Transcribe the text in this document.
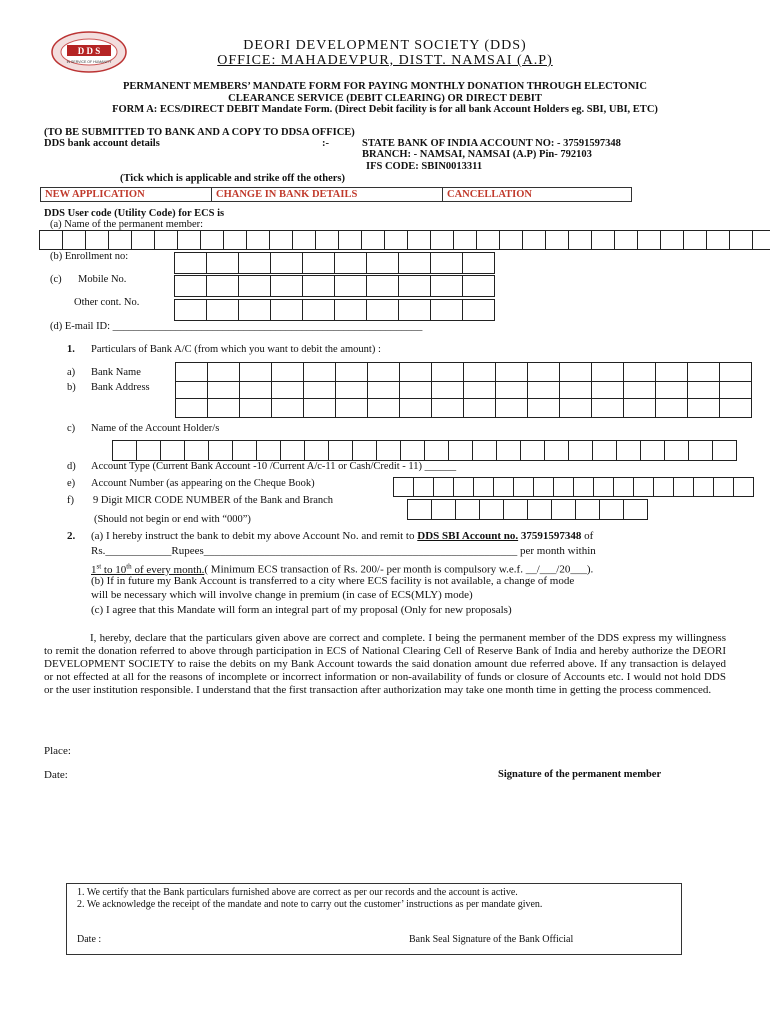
D D S
IN SERVICE OF HUMANITY
DEORI DEVELOPMENT SOCIETY (DDS)
OFFICE: MAHADEVPUR, DISTT. NAMSAI (A.P)
PERMANENT MEMBERS’ MANDATE FORM FOR PAYING MONTHLY DONATION THROUGH ELECTONIC
CLEARANCE SERVICE (DEBIT CLEARING) OR DIRECT DEBIT
FORM A: ECS/DIRECT DEBIT Mandate Form. (Direct Debit facility is for all bank Account Holders eg. SBI, UBI, ETC)
(TO BE SUBMITTED TO BANK AND A COPY TO DDSA OFFICE)
DDS bank account details	:-	STATE BANK OF INDIA ACCOUNT NO: - 37591597348
BRANCH: - NAMSAI, NAMSAI (A.P) Pin- 792103
IFS CODE: SBIN0013311
(Tick which is applicable and strike off the others)
NEW APPLICATION	CHANGE IN BANK DETAILS	CANCELLATION
DDS User code (Utility Code) for ECS is
(a) Name of the permanent member:
(b) Enrollment no:
(c) Mobile No.
Other cont. No.
(d) E-mail ID: ___________________________________________________________
1. Particulars of Bank A/C (from which you want to debit the amount) :
a) Bank Name
b) Bank Address
c) Name of the Account Holder/s
d) Account Type (Current Bank Account -10 /Current A/c-11 or Cash/Credit - 11) ______
e) Account Number (as appearing on the Cheque Book)
f) 9 Digit MICR CODE NUMBER of the Bank and Branch
(Should not begin or end with “000”)
2. (a) I hereby instruct the bank to debit my above Account No. and remit to DDS SBI Account no. 37591597348 of
Rs.____________Rupees_________________________________________________________ per month within
1st to 10th of every month.( Minimum ECS transaction of Rs. 200/- per month is compulsory w.e.f. __/___/20___).
(b) If in future my Bank Account is transferred to a city where ECS facility is not available, a change of mode
will be necessary which will involve change in premium (in case of ECS(MLY) mode)
(c) I agree that this Mandate will form an integral part of my proposal (Only for new proposals)
I, hereby, declare that the particulars given above are correct and complete. I being the permanent member of the DDS express my willingness to remit the donation referred to above through participation in ECS of National Clearing Cell of Reserve Bank of India and hereby authorize the DEORI DEVELOPMENT SOCIETY to raise the debits on my Bank Account towards the said donation amount due referred above. If any transaction is delayed or not effected at all for the reasons of incomplete or incorrect information or non-availability of funds or closure of Accounts etc. I would not hold DDS or the user institution responsible. I understand that the first transaction after authorization may take one month time in getting the process commenced.
Place:
Date:	Signature of the permanent member
1. We certify that the Bank particulars furnished above are correct as per our records and the account is active.
2. We acknowledge the receipt of the mandate and note to carry out the customer’ instructions as per mandate given.
Date :	Bank Seal Signature of the Bank Official
